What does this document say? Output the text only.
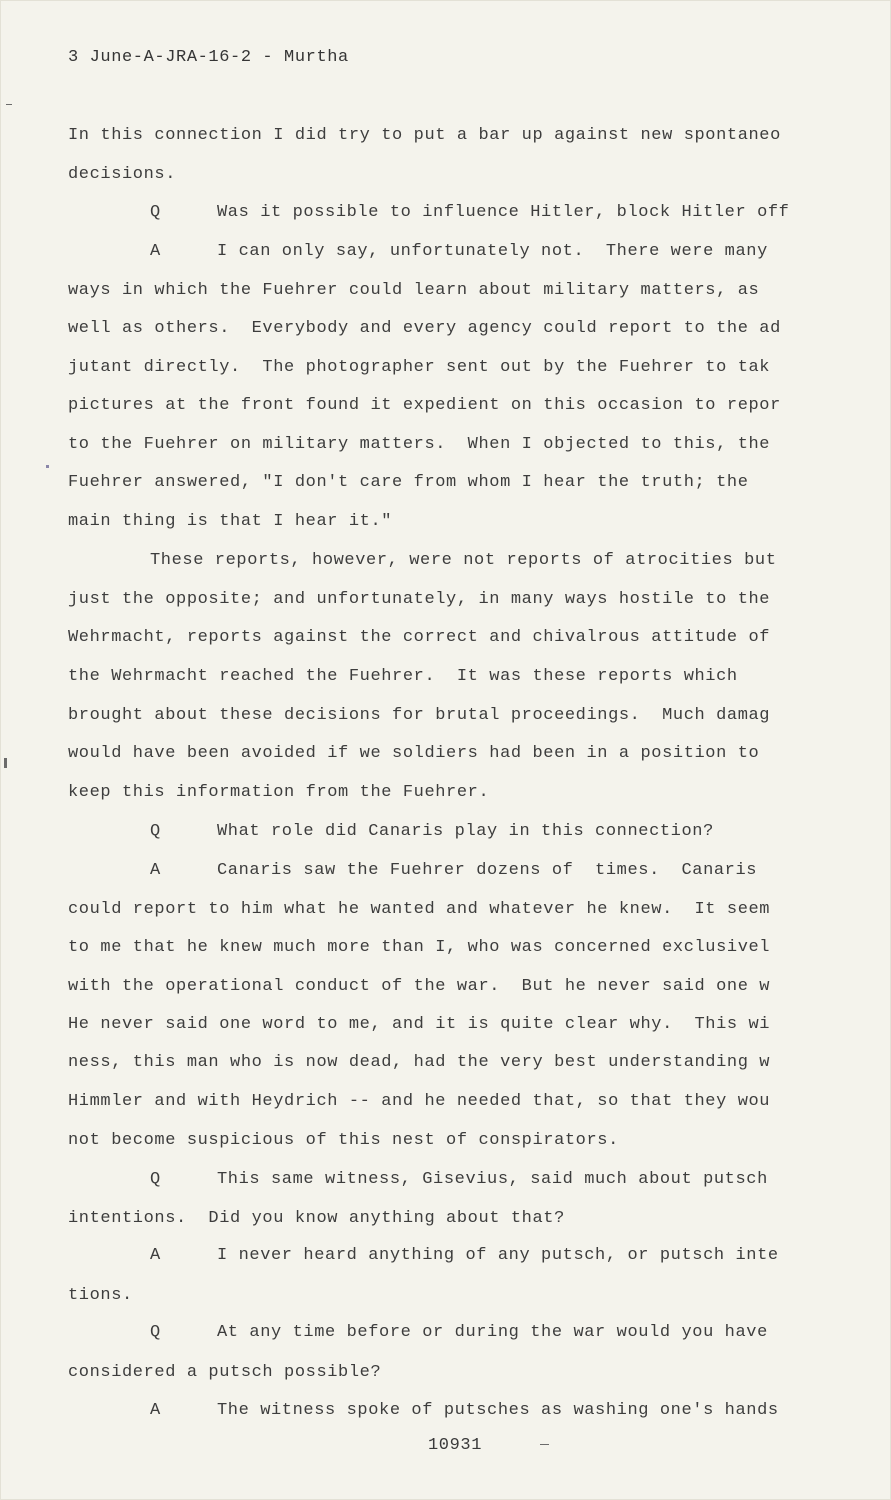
3 June-A-JRA-16-2 - Murtha
In this connection I did try to put a bar up against new spontaneo
decisions.
Q	Was it possible to influence Hitler, block Hitler off
A	I can only say, unfortunately not.  There were many
ways in which the Fuehrer could learn about military matters, as
well as others.  Everybody and every agency could report to the ad
jutant directly.  The photographer sent out by the Fuehrer to tak
pictures at the front found it expedient on this occasion to repor
to the Fuehrer on military matters.  When I objected to this, the
Fuehrer answered, "I don't care from whom I hear the truth; the
main thing is that I hear it."
These reports, however, were not reports of atrocities but
just the opposite; and unfortunately, in many ways hostile to the
Wehrmacht, reports against the correct and chivalrous attitude of
the Wehrmacht reached the Fuehrer.  It was these reports which
brought about these decisions for brutal proceedings.  Much damag
would have been avoided if we soldiers had been in a position to
keep this information from the Fuehrer.
Q	What role did Canaris play in this connection?
A	Canaris saw the Fuehrer dozens of  times.  Canaris
could report to him what he wanted and whatever he knew.  It seem
to me that he knew much more than I, who was concerned exclusivel
with the operational conduct of the war.  But he never said one w
He never said one word to me, and it is quite clear why.  This wi
ness, this man who is now dead, had the very best understanding w
Himmler and with Heydrich -- and he needed that, so that they wou
not become suspicious of this nest of conspirators.
Q	This same witness, Gisevius, said much about putsch
intentions.  Did you know anything about that?
A	I never heard anything of any putsch, or putsch inte
tions.
Q	At any time before or during the war would you have
considered a putsch possible?
A	The witness spoke of putsches as washing one's hands
10931
